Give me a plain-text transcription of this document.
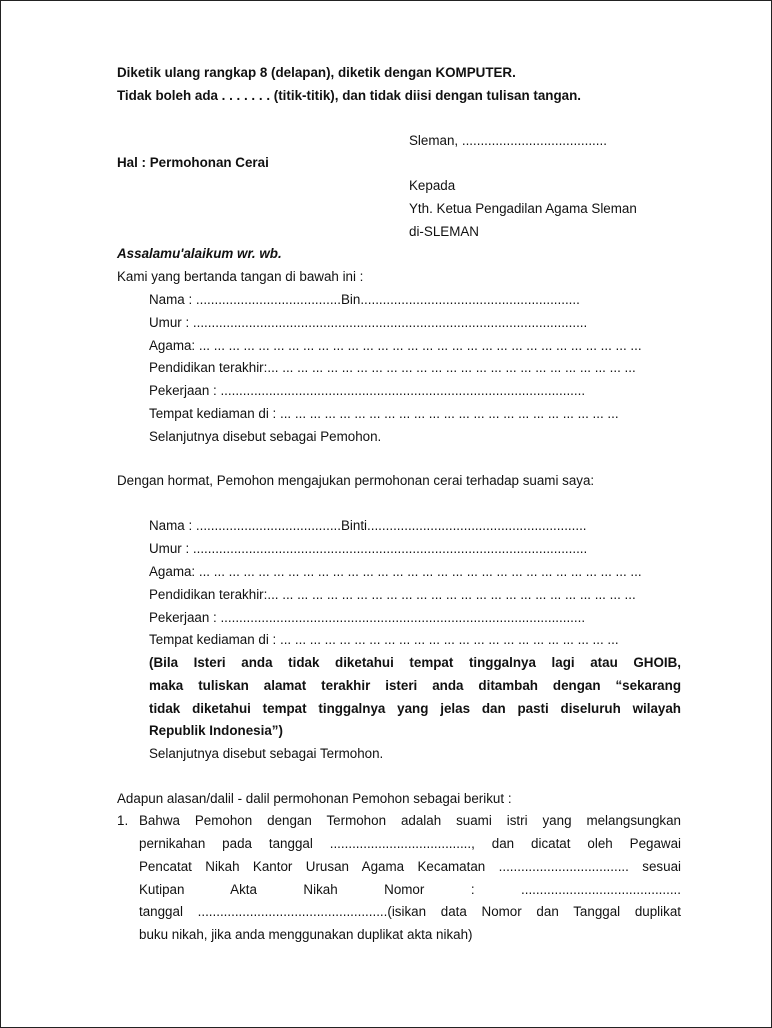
Diketik ulang rangkap 8 (delapan), diketik dengan KOMPUTER.
Tidak boleh ada . . . . . . . (titik-titik), dan tidak diisi dengan tulisan tangan.
Sleman, .......................................
Hal : Permohonan Cerai
Kepada
Yth. Ketua Pengadilan Agama Sleman
di-SLEMAN
Assalamu'alaikum wr. wb.
Kami yang bertanda tangan di bawah ini :
Nama : .......................................Bin...........................................................
Umur : ..........................................................................................................
Agama: ... ... ... ... ... ... ... ... ... ... ... ... ... ... ... ... ... ... ... ... ... ... ... ... ... ... ... ... ... ...
Pendidikan terakhir:... ... ... ... ... ... ... ... ... ... ... ... ... ... ... ... ... ... ... ... ... ... ... ... ...
Pekerjaan : ..................................................................................................
Tempat kediaman di : ... ... ... ... ... ... ... ... ... ... ... ... ... ... ... ... ... ... ... ... ... ... ...
Selanjutnya disebut sebagai Pemohon.
Dengan hormat, Pemohon mengajukan permohonan cerai terhadap suami saya:
Nama : .......................................Binti...........................................................
Umur : ..........................................................................................................
Agama: ... ... ... ... ... ... ... ... ... ... ... ... ... ... ... ... ... ... ... ... ... ... ... ... ... ... ... ... ... ...
Pendidikan terakhir:... ... ... ... ... ... ... ... ... ... ... ... ... ... ... ... ... ... ... ... ... ... ... ... ...
Pekerjaan : ..................................................................................................
Tempat kediaman di : ... ... ... ... ... ... ... ... ... ... ... ... ... ... ... ... ... ... ... ... ... ... ...
(Bila Isteri anda tidak diketahui tempat tinggalnya lagi atau GHOIB,
maka tuliskan alamat terakhir isteri anda ditambah dengan “sekarang
tidak diketahui tempat tinggalnya yang jelas dan pasti diseluruh wilayah
Republik Indonesia”)
Selanjutnya disebut sebagai Termohon.
Adapun alasan/dalil - dalil permohonan Pemohon sebagai berikut :
1. Bahwa Pemohon dengan Termohon adalah suami istri yang melangsungkan
pernikahan pada tanggal ......................................, dan dicatat oleh Pegawai
Pencatat Nikah Kantor Urusan Agama Kecamatan ................................... sesuai
Kutipan Akta Nikah Nomor : ...........................................
tanggal ...................................................(isikan data Nomor dan Tanggal duplikat
buku nikah, jika anda menggunakan duplikat akta nikah)
